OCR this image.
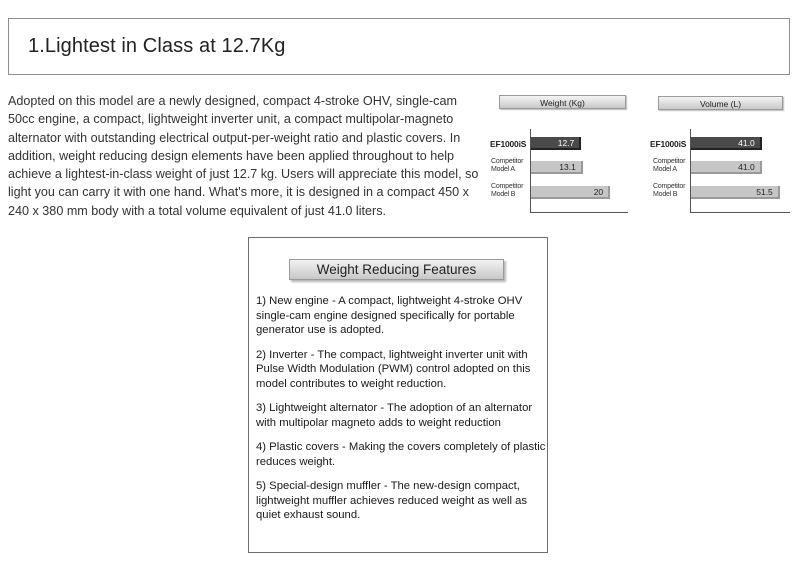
1.Lightest in Class at 12.7Kg

Adopted on this model are a newly designed, compact 4-stroke OHV, single-cam 50cc engine, a compact, lightweight inverter unit, a compact multipolar-magneto alternator with outstanding electrical output-per-weight ratio and plastic covers. In addition, weight reducing design elements have been applied throughout to help achieve a lightest-in-class weight of just 12.7 kg. Users will appreciate this model, so light you can carry it with one hand. What's more, it is designed in a compact 450 x 240 x 380 mm body with a total volume equivalent of just 41.0 liters.

Weight (Kg)
EF1000iS
Competitor Model A
Competitor Model B
12.7
13.1
20
Volume (L)
EF1000iS
Competitor Model A
Competitor Model B
41.0
41.0
51.5
Weight Reducing Features
1) New engine - A compact, lightweight 4-stroke OHV single-cam engine designed specifically for portable generator use is adopted.
2) Inverter - The compact, lightweight inverter unit with Pulse Width Modulation (PWM) control adopted on this model contributes to weight reduction.
3) Lightweight alternator - The adoption of an alternator with multipolar magneto adds to weight reduction
4) Plastic covers - Making the covers completely of plastic reduces weight.
5) Special-design muffler - The new-design compact, lightweight muffler achieves reduced weight as well as quiet exhaust sound.
